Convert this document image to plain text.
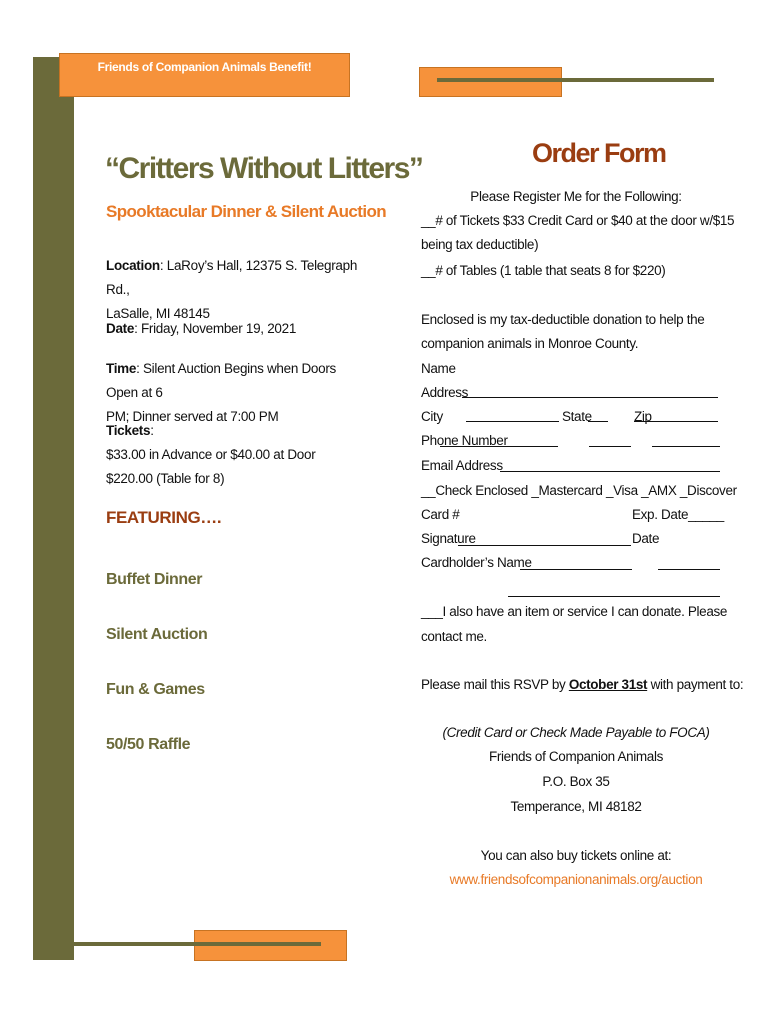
Friends of Companion Animals Benefit!
“Critters Without Litters”
Spooktacular Dinner & Silent Auction
Location: LaRoy’s Hall, 12375 S. Telegraph Rd.,
LaSalle, MI 48145
Date: Friday, November 19, 2021
Time: Silent Auction Begins when Doors Open at 6
PM; Dinner served at 7:00 PM
Tickets:
$33.00 in Advance or $40.00 at Door
$220.00 (Table for 8)
FEATURING….
Buffet Dinner
Silent Auction
Fun & Games
50/50 Raffle
Order Form
Please Register Me for the Following:
__# of Tickets $33 Credit Card or $40 at the door w/$15
being tax deductible)
__# of Tables (1 table that seats 8 for $220)
Enclosed is my tax-deductible donation to help the
companion animals in Monroe County.
Name
Address
City	State	Zip
Phone Number
Email Address
__Check Enclosed _Mastercard _Visa _AMX _Discover
Card #	Exp. Date_____
Signature	Date
Cardholder’s Name
___I also have an item or service I can donate. Please
contact me.
Please mail this RSVP by October 31st with payment to:
(Credit Card or Check Made Payable to FOCA)
Friends of Companion Animals
P.O. Box 35
Temperance, MI 48182
You can also buy tickets online at:
www.friendsofcompanionanimals.org/auction
